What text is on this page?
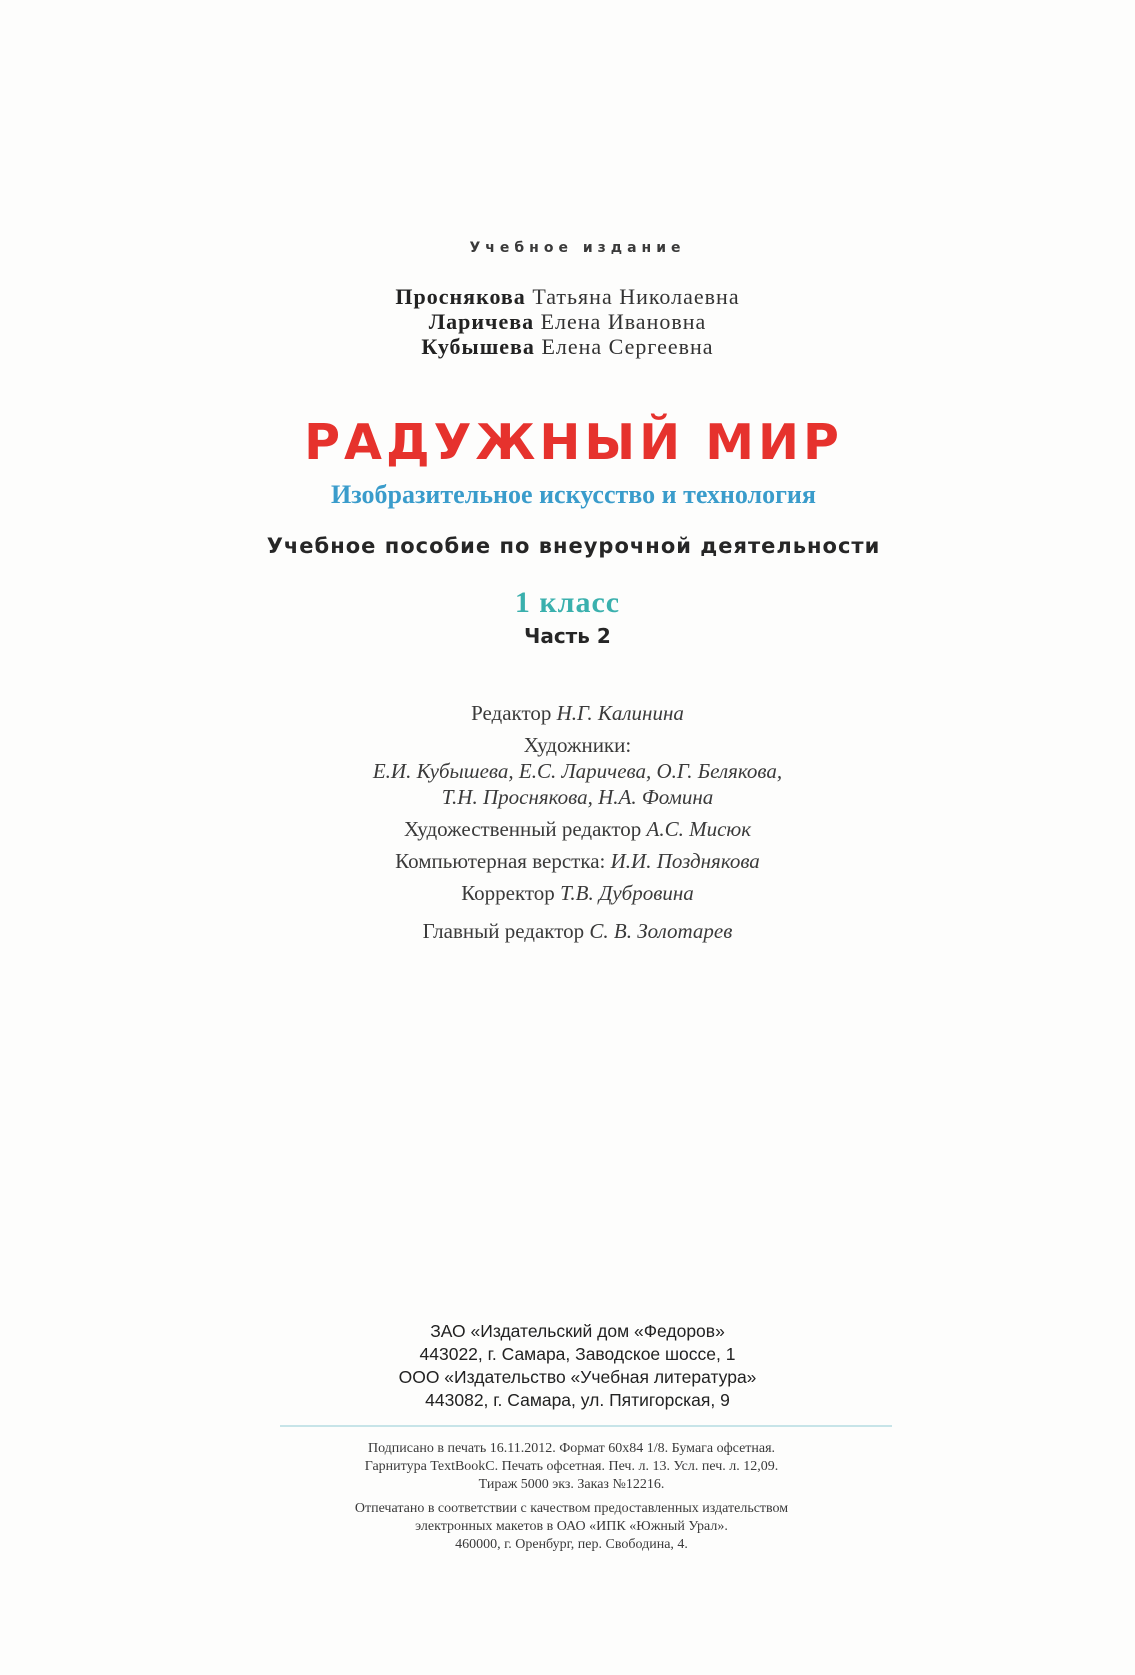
Учебное издание
Проснякова Татьяна Николаевна
Ларичева Елена Ивановна
Кубышева Елена Сергеевна
РАДУЖНЫЙ МИР
Изобразительное искусство и технология
Учебное пособие по внеурочной деятельности
1 класс
Часть 2
Редактор Н.Г. Калинина
Художники:
Е.И. Кубышева, Е.С. Ларичева, О.Г. Белякова,
Т.Н. Проснякова, Н.А. Фомина
Художественный редактор А.С. Мисюк
Компьютерная верстка: И.И. Позднякова
Корректор Т.В. Дубровина
Главный редактор С. В. Золотарев
ЗАО «Издательский дом «Федоров»
443022, г. Самара, Заводское шоссе, 1
ООО «Издательство «Учебная литература»
443082, г. Самара, ул. Пятигорская, 9
Подписано в печать 16.11.2012. Формат 60х84 1/8. Бумага офсетная.
Гарнитура TextBookC. Печать офсетная. Печ. л. 13. Усл. печ. л. 12,09.
Тираж 5000 экз. Заказ №12216.
Отпечатано в соответствии с качеством предоставленных издательством
электронных макетов в ОАО «ИПК «Южный Урал».
460000, г. Оренбург, пер. Свободина, 4.
